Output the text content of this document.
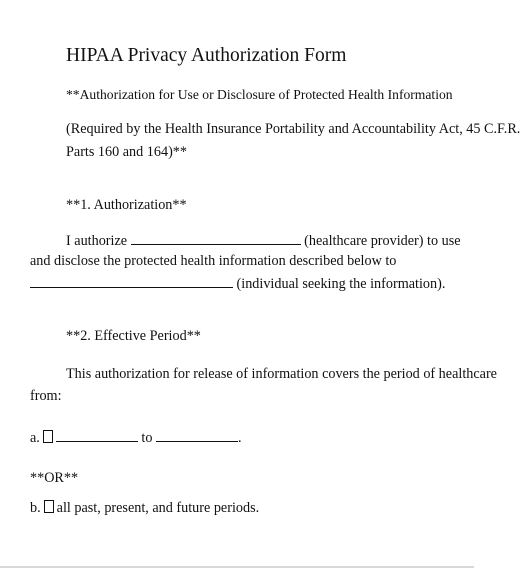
HIPAA Privacy Authorization Form
**Authorization for Use or Disclosure of Protected Health Information
(Required by the Health Insurance Portability and Accountability Act, 45 C.F.R.
Parts 160 and 164)**
**1. Authorization**
I authorize	(healthcare provider) to use
and disclose the protected health information described below to
(individual seeking the information).
**2. Effective Period**
This authorization for release of information covers the period of healthcare
from:
a.	to	.
**OR**
b. all past, present, and future periods.
